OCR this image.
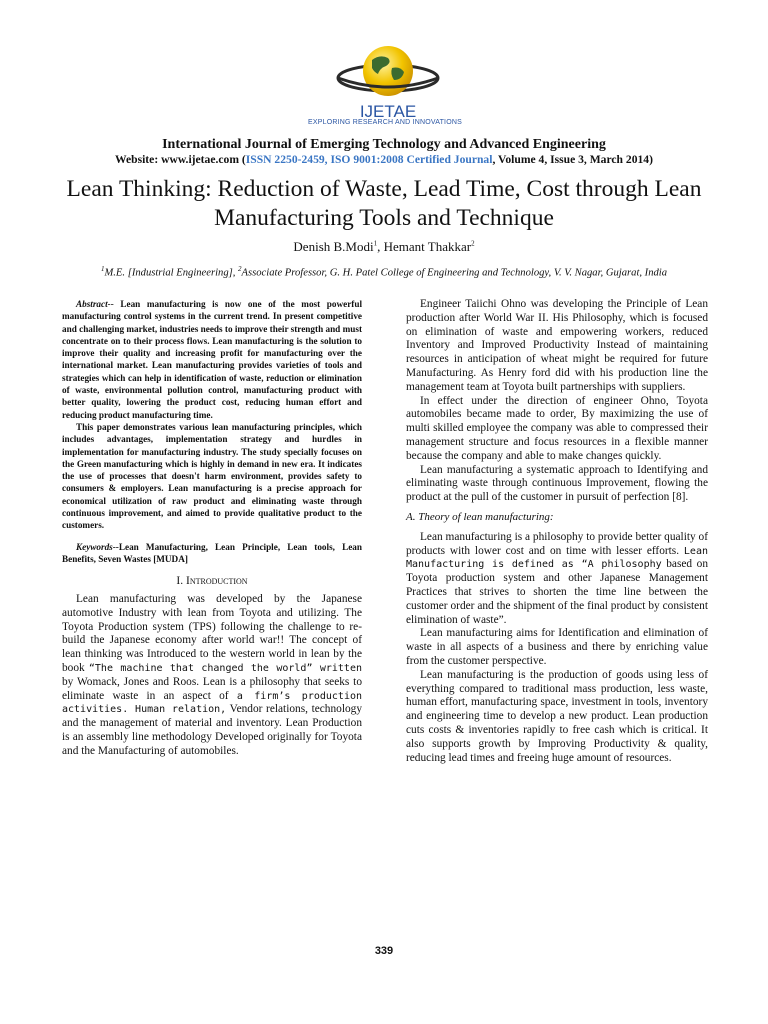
IJETAE
EXPLORING RESEARCH AND INNOVATIONS
International Journal of Emerging Technology and Advanced Engineering
Website: www.ijetae.com (ISSN 2250-2459, ISO 9001:2008 Certified Journal, Volume 4, Issue 3, March 2014)
Lean Thinking: Reduction of Waste, Lead Time, Cost through Lean Manufacturing Tools and Technique
Denish B.Modi$^1$, Hemant Thakkar$^2$
$^1$M.E. [Industrial Engineering], $^2$Associate Professor, G. H. Patel College of Engineering and Technology, V. V. Nagar, Gujarat, India

Abstract-- Lean manufacturing is now one of the most powerful manufacturing control systems in the current trend. In present competitive and challenging market, industries needs to improve their strength and must concentrate on to their process flows. Lean manufacturing is the solution to improve their quality and increasing profit for manufacturing over the international market. Lean manufacturing provides varieties of tools and strategies which can help in identification of waste, reduction or elimination of waste, environmental pollution control, manufacturing product with better quality, lowering the product cost, reducing human effort and reducing product manufacturing time.

This paper demonstrates various lean manufacturing principles, which includes advantages, implementation strategy and hurdles in implementation for manufacturing industry. The study specially focuses on the Green manufacturing which is highly in demand in new era. It indicates the use of processes that doesn't harm environment, provides safety to consumers & employers. Lean manufacturing is a precise approach for economical utilization of raw product and eliminating waste through continuous improvement, and aimed to provide qualitative product to the customers.

Keywords--Lean Manufacturing, Lean Principle, Lean tools, Lean Benefits, Seven Wastes [MUDA]

I. Introduction

Lean manufacturing was developed by the Japanese automotive Industry with lean from Toyota and utilizing. The Toyota Production system (TPS) following the challenge to re-build the Japanese economy after world war!! The concept of lean thinking was Introduced to the western world in lean by the book “The machine that changed the world” written by Womack, Jones and Roos. Lean is a philosophy that seeks to eliminate waste in an aspect of a firm’s production activities. Human relation, Vendor relations, technology and the management of material and inventory. Lean Production is an assembly line methodology Developed originally for Toyota and the Manufacturing of automobiles.

Engineer Taiichi Ohno was developing the Principle of Lean production after World War II. His Philosophy, which is focused on elimination of waste and empowering workers, reduced Inventory and Improved Productivity Instead of maintaining resources in anticipation of wheat might be required for future Manufacturing. As Henry ford did with his production line the management team at Toyota built partnerships with suppliers.

In effect under the direction of engineer Ohno, Toyota automobiles became made to order, By maximizing the use of multi skilled employee the company was able to compressed their management structure and focus resources in a flexible manner because the company and able to make changes quickly.

Lean manufacturing a systematic approach to Identifying and eliminating waste through continuous Improvement, flowing the product at the pull of the customer in pursuit of perfection [8].

A. Theory of lean manufacturing:

Lean manufacturing is a philosophy to provide better quality of products with lower cost and on time with lesser efforts. Lean Manufacturing is defined as “A philosophy based on Toyota production system and other Japanese Management Practices that strives to shorten the time line between the customer order and the shipment of the final product by consistent elimination of waste”.

Lean manufacturing aims for Identification and elimination of waste in all aspects of a business and there by enriching value from the customer perspective.

Lean manufacturing is the production of goods using less of everything compared to traditional mass production, less waste, human effort, manufacturing space, investment in tools, inventory and engineering time to develop a new product. Lean production cuts costs & inventories rapidly to free cash which is critical. It also supports growth by Improving Productivity & quality, reducing lead times and freeing huge amount of resources.

339
